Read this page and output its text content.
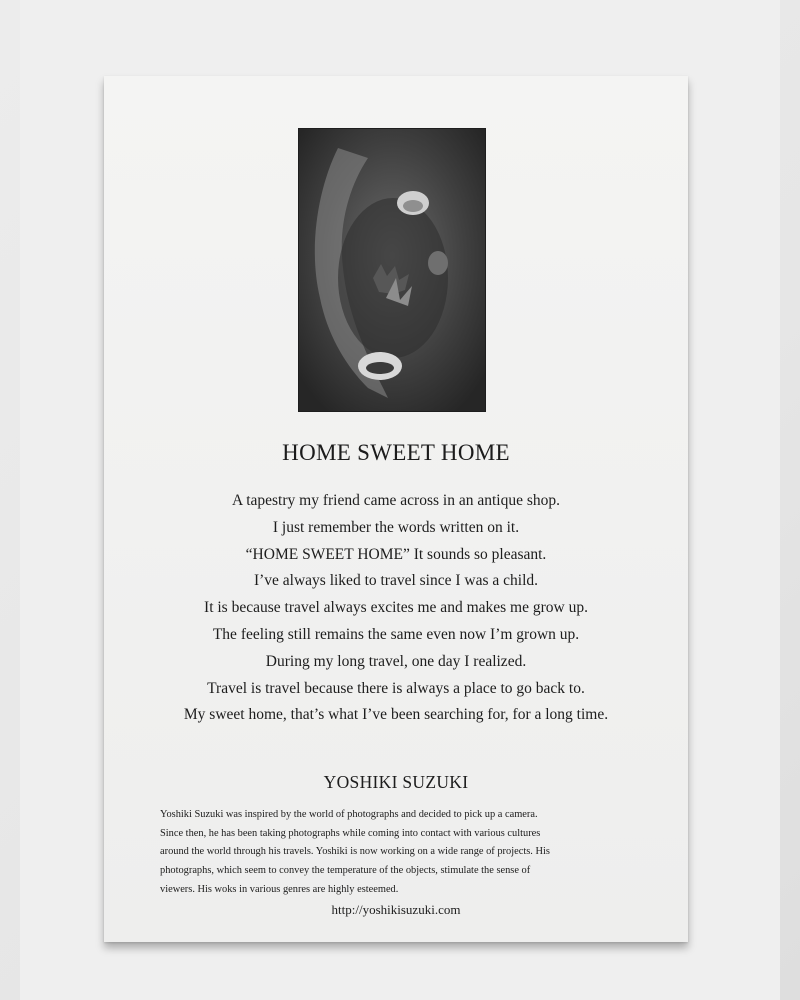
HOME SWEET HOME
A tapestry my friend came across in an antique shop.
I just remember the words written on it.
“HOME SWEET HOME” It sounds so pleasant.
I’ve always liked to travel since I was a child.
It is because travel always excites me and makes me grow up.
The feeling still remains the same even now I’m grown up.
During my long travel, one day I realized.
Travel is travel because there is always a place to go back to.
My sweet home, that’s what I’ve been searching for, for a long time.
YOSHIKI SUZUKI
Yoshiki Suzuki was inspired by the world of photographs and decided to pick up a camera.
Since then, he has been taking photographs while coming into contact with various cultures
around the world through his travels. Yoshiki is now working on a wide range of projects. His
photographs, which seem to convey the temperature of the objects, stimulate the sense of
viewers. His woks in various genres are highly esteemed.
http://yoshikisuzuki.com
